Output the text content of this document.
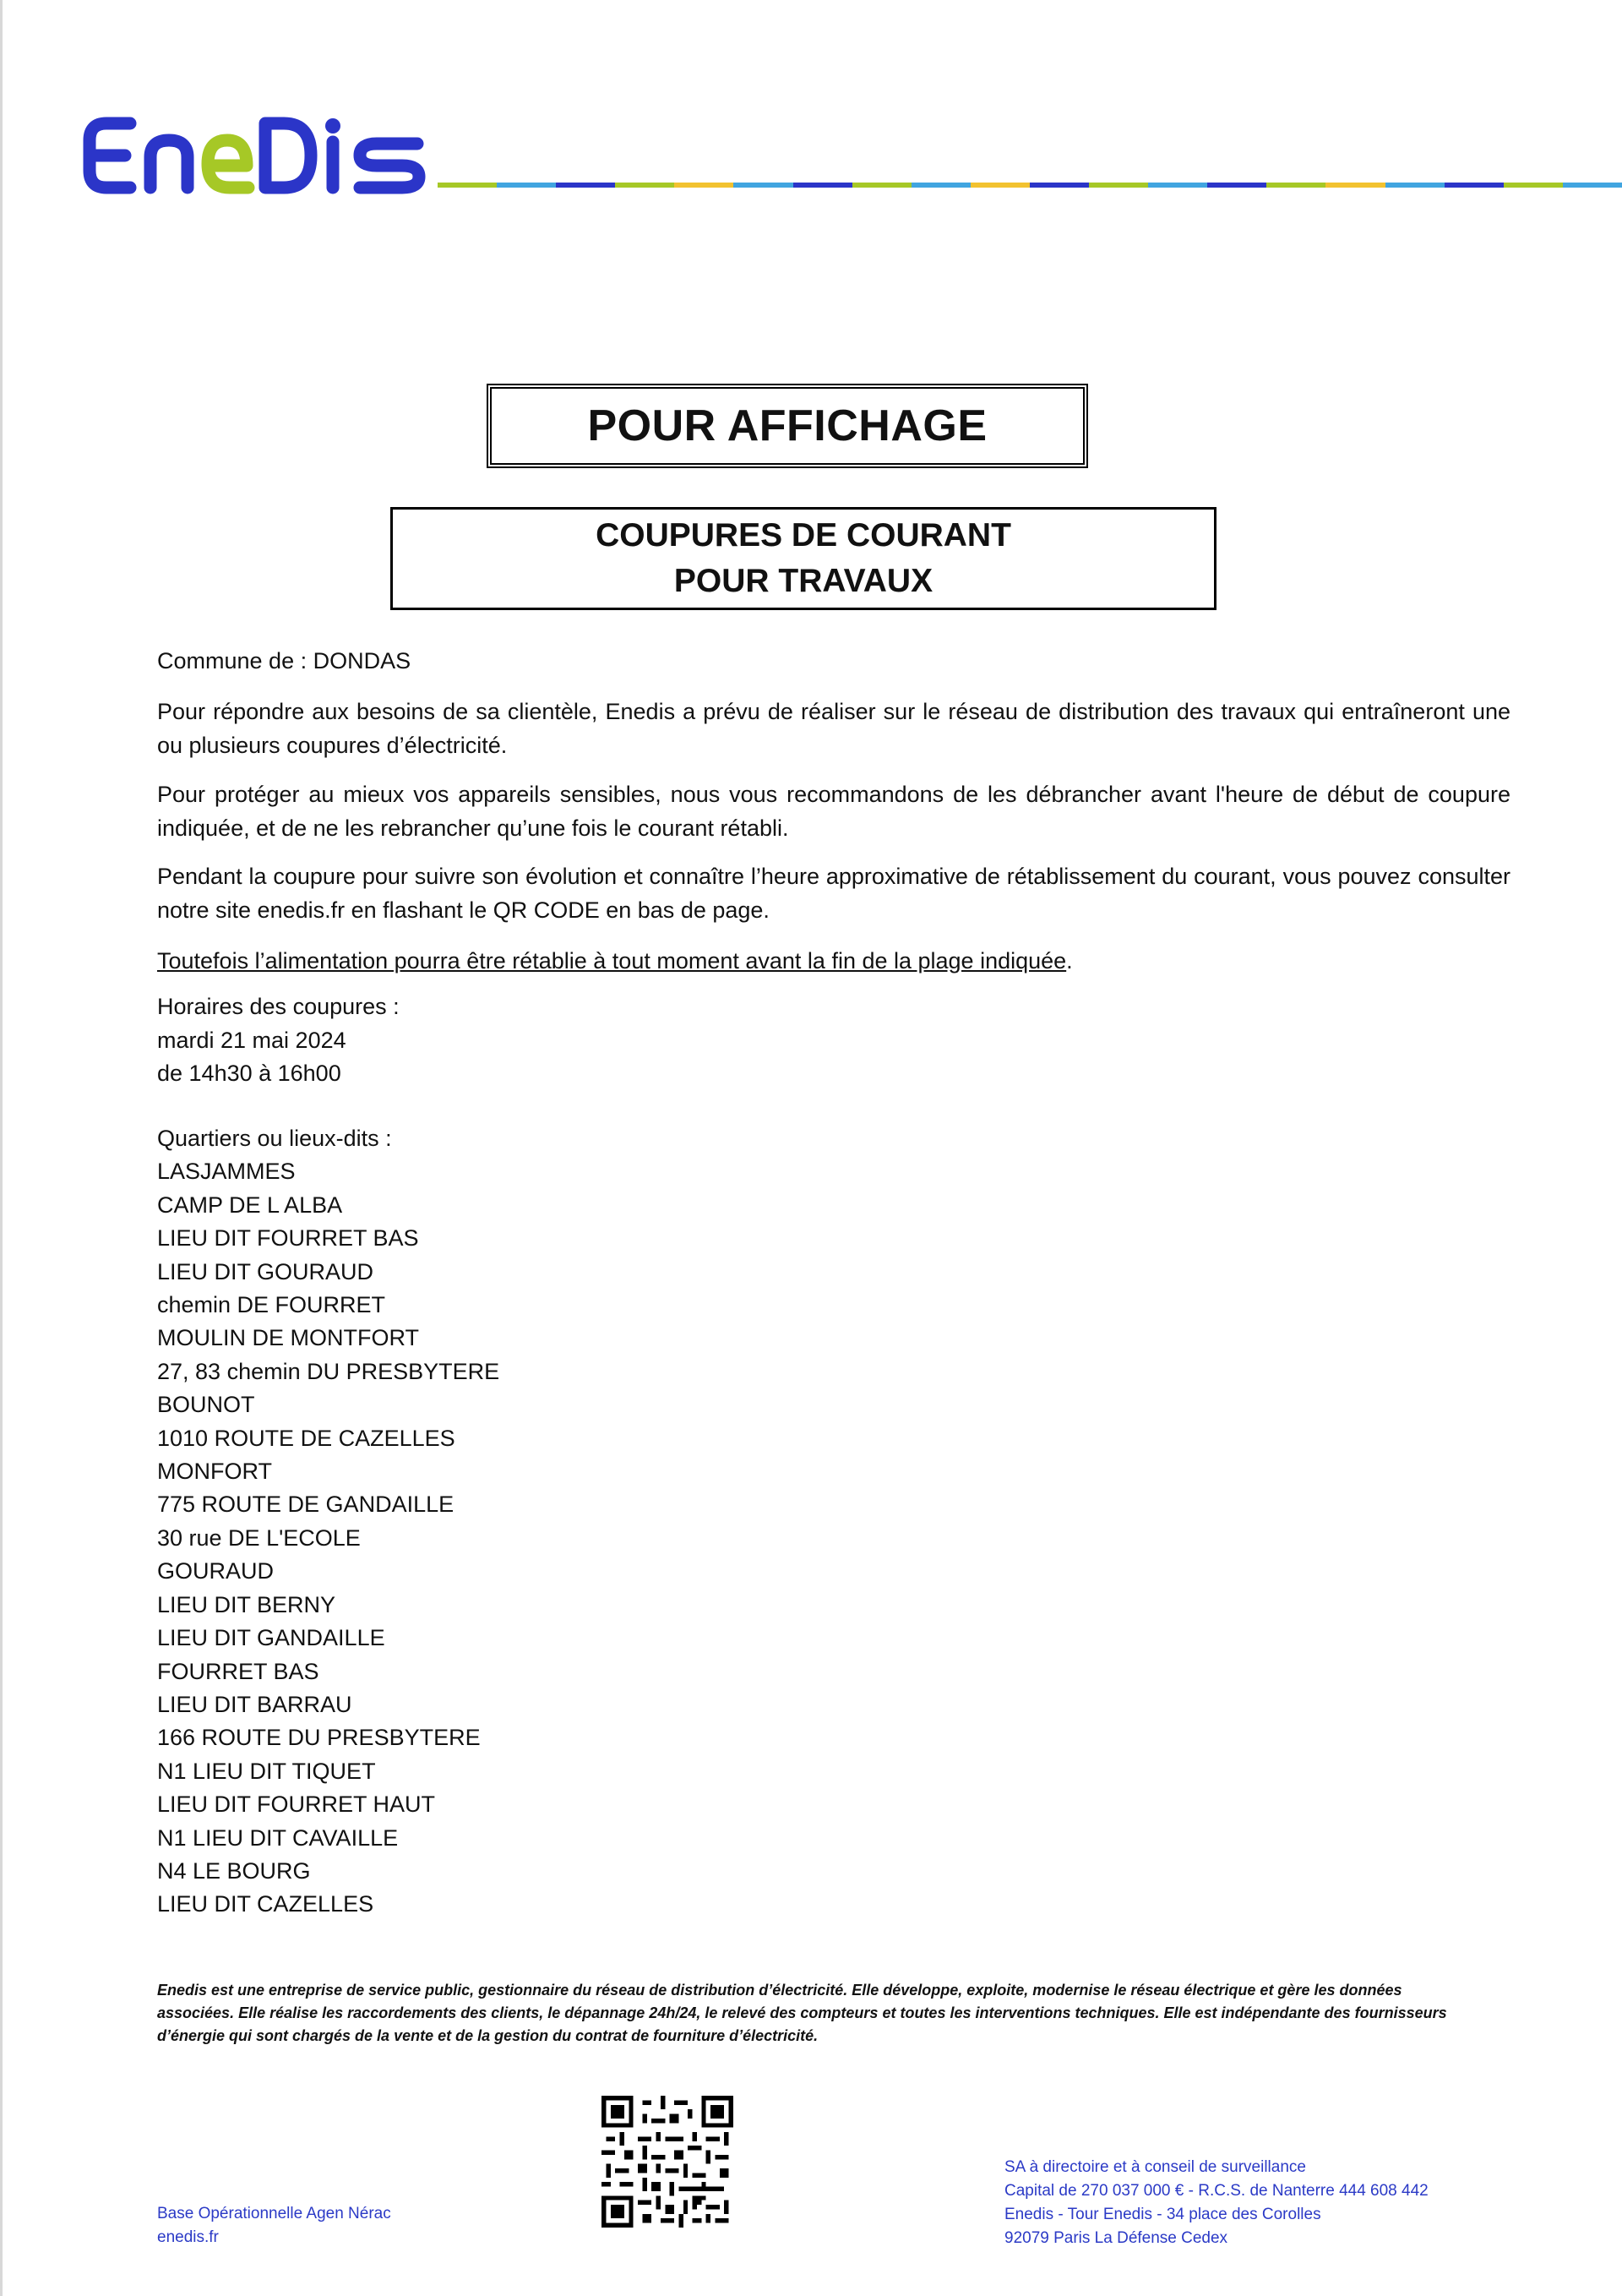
POUR AFFICHAGE
COUPURES DE COURANT
POUR TRAVAUX
Commune de : DONDAS
Pour répondre aux besoins de sa clientèle, Enedis a prévu de réaliser sur le réseau de distribution des travaux qui entraîneront une ou plusieurs coupures d’électricité.
Pour protéger au mieux vos appareils sensibles, nous vous recommandons de les débrancher avant l'heure de début de coupure indiquée, et de ne les rebrancher qu’une fois le courant rétabli.
Pendant la coupure pour suivre son évolution et connaître l’heure approximative de rétablissement du courant, vous pouvez consulter notre site enedis.fr en flashant le QR CODE en bas de page.
Toutefois l’alimentation pourra être rétablie à tout moment avant la fin de la plage indiquée.
Horaires des coupures :
mardi 21 mai 2024
de 14h30 à 16h00
Quartiers ou lieux-dits :
LASJAMMES
CAMP DE L ALBA
LIEU DIT FOURRET BAS
LIEU DIT GOURAUD
chemin DE FOURRET
MOULIN DE MONTFORT
27, 83 chemin DU PRESBYTERE
BOUNOT
1010 ROUTE DE CAZELLES
MONFORT
775 ROUTE DE GANDAILLE
30 rue DE L'ECOLE
GOURAUD
LIEU DIT BERNY
LIEU DIT GANDAILLE
FOURRET BAS
LIEU DIT BARRAU
166 ROUTE DU PRESBYTERE
N1 LIEU DIT TIQUET
LIEU DIT FOURRET HAUT
N1 LIEU DIT CAVAILLE
N4 LE BOURG
LIEU DIT CAZELLES
Enedis est une entreprise de service public, gestionnaire du réseau de distribution d’électricité. Elle développe, exploite, modernise le réseau électrique et gère les données associées. Elle réalise les raccordements des clients, le dépannage 24h/24, le relevé des compteurs et toutes les interventions techniques. Elle est indépendante des fournisseurs d’énergie qui sont chargés de la vente et de la gestion du contrat de fourniture d’électricité.
Base Opérationnelle Agen Nérac
enedis.fr
SA à directoire et à conseil de surveillance
Capital de 270 037 000 € - R.C.S. de Nanterre 444 608 442
Enedis - Tour Enedis - 34 place des Corolles
92079 Paris La Défense Cedex
